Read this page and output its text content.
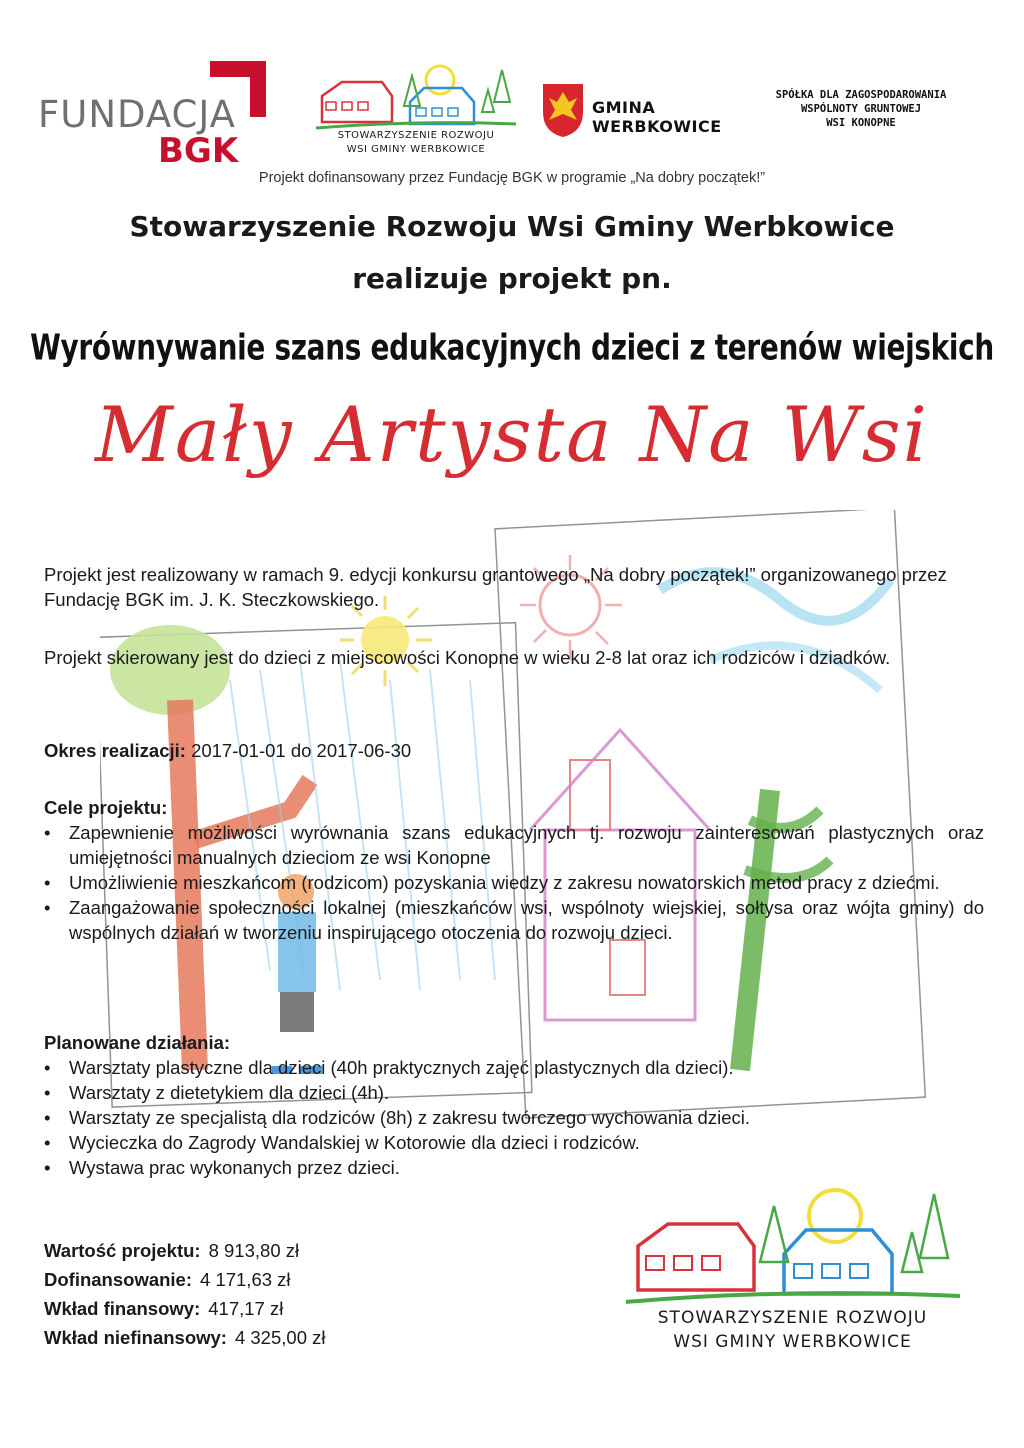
FUNDACJA
BGK	STOWARZYSZENIE ROZWOJU
WSI GMINY WERBKOWICE
GMINA WERBKOWICE
SPÓŁKA DLA ZAGOSPODAROWANIA
WSPÓLNOTY GRUNTOWEJ
WSI KONOPNE
Projekt dofinansowany przez Fundację BGK w programie „Na dobry początek!”
Stowarzyszenie Rozwoju Wsi Gminy Werbkowice
realizuje projekt pn.
Wyrównywanie szans edukacyjnych dzieci z terenów wiejskich
Mały Artysta Na Wsi
Projekt jest realizowany w ramach 9. edycji konkursu grantowego „Na dobry początek!” organizowanego przez Fundację BGK im. J. K. Steczkowskiego.
Projekt skierowany jest do dzieci z miejscowości Konopne w wieku 2-8 lat oraz ich rodziców i dziadków.
Okres realizacji: 2017-01-01 do 2017-06-30
Cele projektu:
• Zapewnienie możliwości wyrównania szans edukacyjnych tj. rozwoju zainteresowań plastycznych oraz umiejętności manualnych dzieciom ze wsi Konopne
• Umożliwienie mieszkańcom (rodzicom) pozyskania wiedzy z zakresu nowatorskich metod pracy z dziećmi.
• Zaangażowanie społeczności lokalnej (mieszkańców wsi, wspólnoty wiejskiej, sołtysa oraz wójta gminy) do wspólnych działań w tworzeniu inspirującego otoczenia do rozwoju dzieci.
Planowane działania:
• Warsztaty plastyczne dla dzieci (40h praktycznych zajęć plastycznych dla dzieci).
• Warsztaty z dietetykiem dla dzieci (4h).
• Warsztaty ze specjalistą dla rodziców (8h) z zakresu twórczego wychowania dzieci.
• Wycieczka do Zagrody Wandalskiej w Kotorowie dla dzieci i rodziców.
• Wystawa prac wykonanych przez dzieci.
Wartość projektu: 8 913,80 zł
Dofinansowanie: 4 171,63 zł
Wkład finansowy: 417,17 zł
Wkład niefinansowy: 4 325,00 zł
STOWARZYSZENIE ROZWOJU
WSI GMINY WERBKOWICE
